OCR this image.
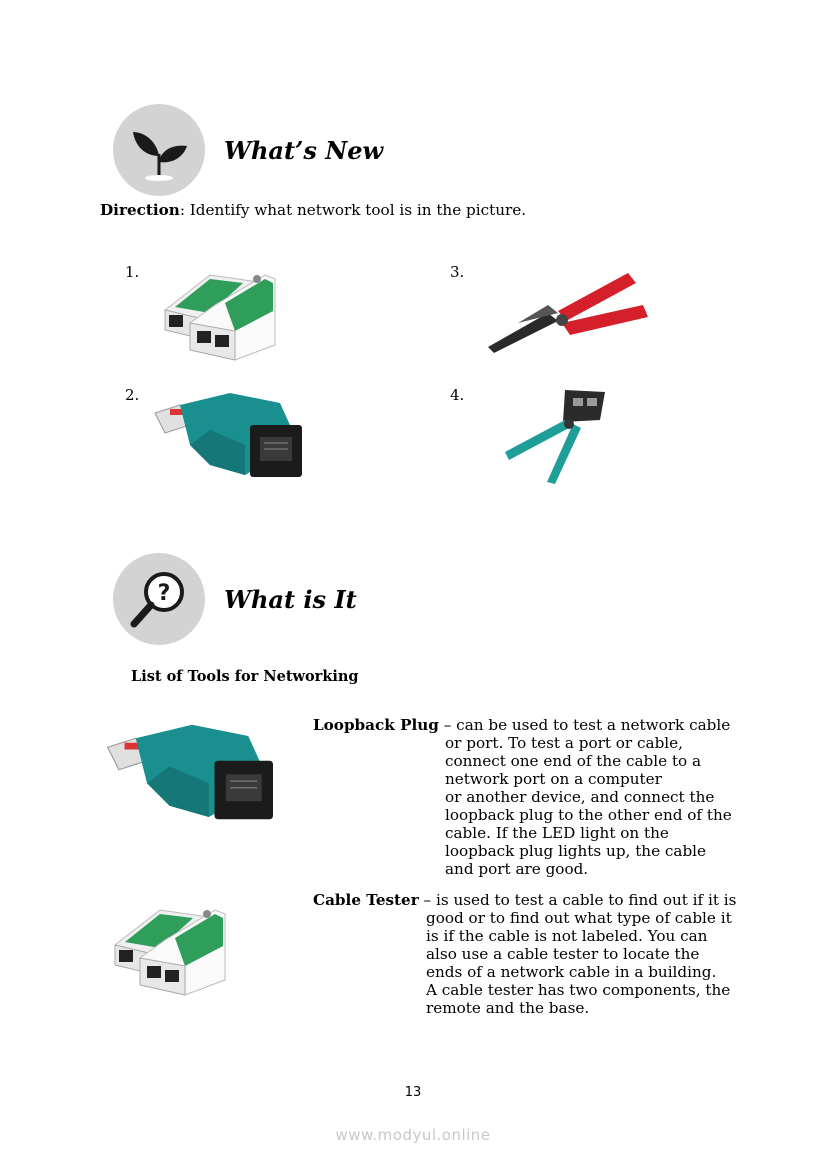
What’s New
Direction: Identify what network tool is in the picture.
1.
2.
3.
4.
? What is It
List of Tools for Networking
Loopback Plug – can be used to test a network cable
or port. To test a port or cable,
connect one end of the cable to a
network port on a computer
or another device, and connect the
loopback plug to the other end of the
cable. If the LED light on the
loopback plug lights up, the cable
and port are good.
Cable Tester – is used to test a cable to find out if it is
good or to find out what type of cable it
is if the cable is not labeled. You can
also use a cable tester to locate the
ends of a network cable in a building.
A cable tester has two components, the
remote and the base.
13
www.modyul.online
